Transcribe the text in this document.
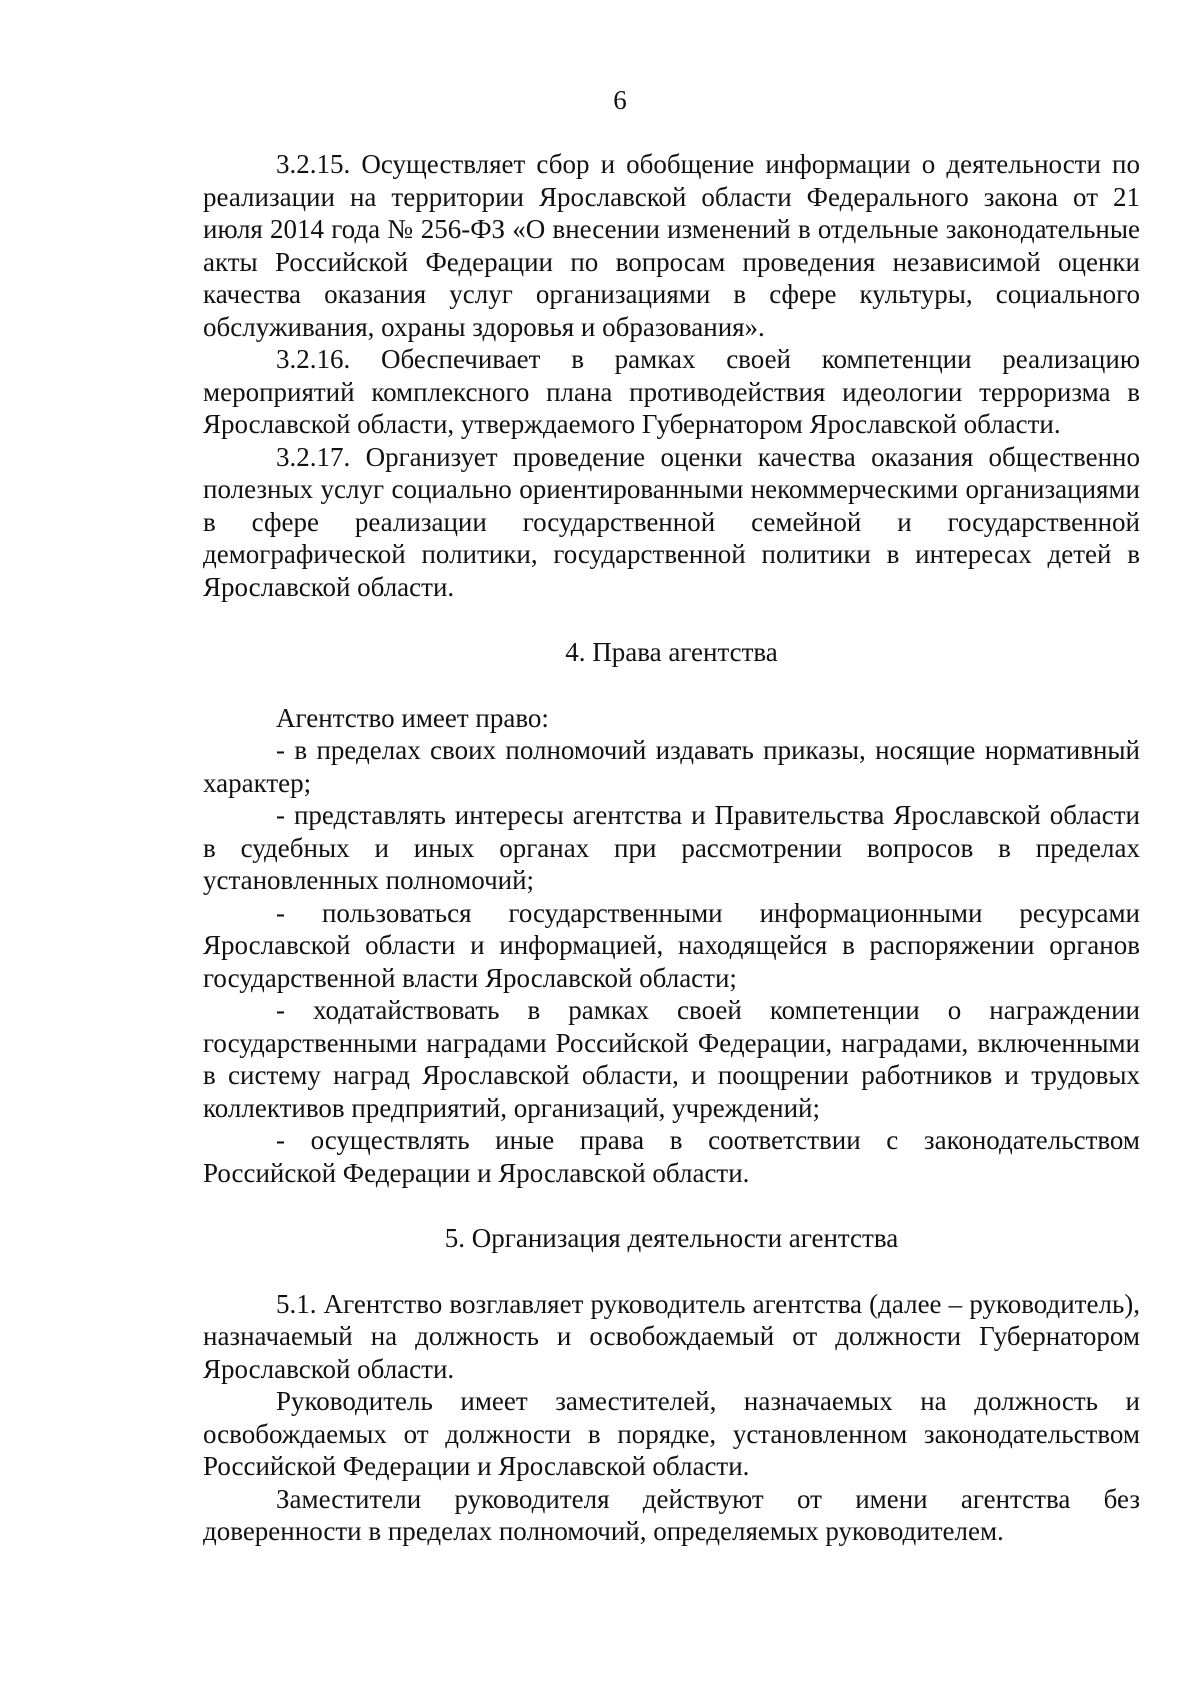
6

3.2.15. Осуществляет сбор и обобщение информации о деятельности по реализации на территории Ярославской области Федерального закона от 21 июля 2014 года № 256-ФЗ «О внесении изменений в отдельные законодательные акты Российской Федерации по вопросам проведения независимой оценки качества оказания услуг организациями в сфере культуры, социального обслуживания, охраны здоровья и образования».

3.2.16. Обеспечивает в рамках своей компетенции реализацию мероприятий комплексного плана противодействия идеологии терроризма в Ярославской области, утверждаемого Губернатором Ярославской области.

3.2.17. Организует проведение оценки качества оказания общественно полезных услуг социально ориентированными некоммерческими организациями в сфере реализации государственной семейной и государственной демографической политики, государственной политики в интересах детей в Ярославской области.

4. Права агентства

Агентство имеет право:

- в пределах своих полномочий издавать приказы, носящие нормативный характер;

- представлять интересы агентства и Правительства Ярославской области в судебных и иных органах при рассмотрении вопросов в пределах установленных полномочий;

- пользоваться государственными информационными ресурсами Ярославской области и информацией, находящейся в распоряжении органов государственной власти Ярославской области;

- ходатайствовать в рамках своей компетенции о награждении государственными наградами Российской Федерации, наградами, включенными в систему наград Ярославской области, и поощрении работников и трудовых коллективов предприятий, организаций, учреждений;

- осуществлять иные права в соответствии с законодательством Российской Федерации и Ярославской области.

5. Организация деятельности агентства

5.1. Агентство возглавляет руководитель агентства (далее – руководитель), назначаемый на должность и освобождаемый от должности Губернатором Ярославской области.

Руководитель имеет заместителей, назначаемых на должность и освобождаемых от должности в порядке, установленном законодательством Российской Федерации и Ярославской области.

Заместители руководителя действуют от имени агентства без доверенности в пределах полномочий, определяемых руководителем.
